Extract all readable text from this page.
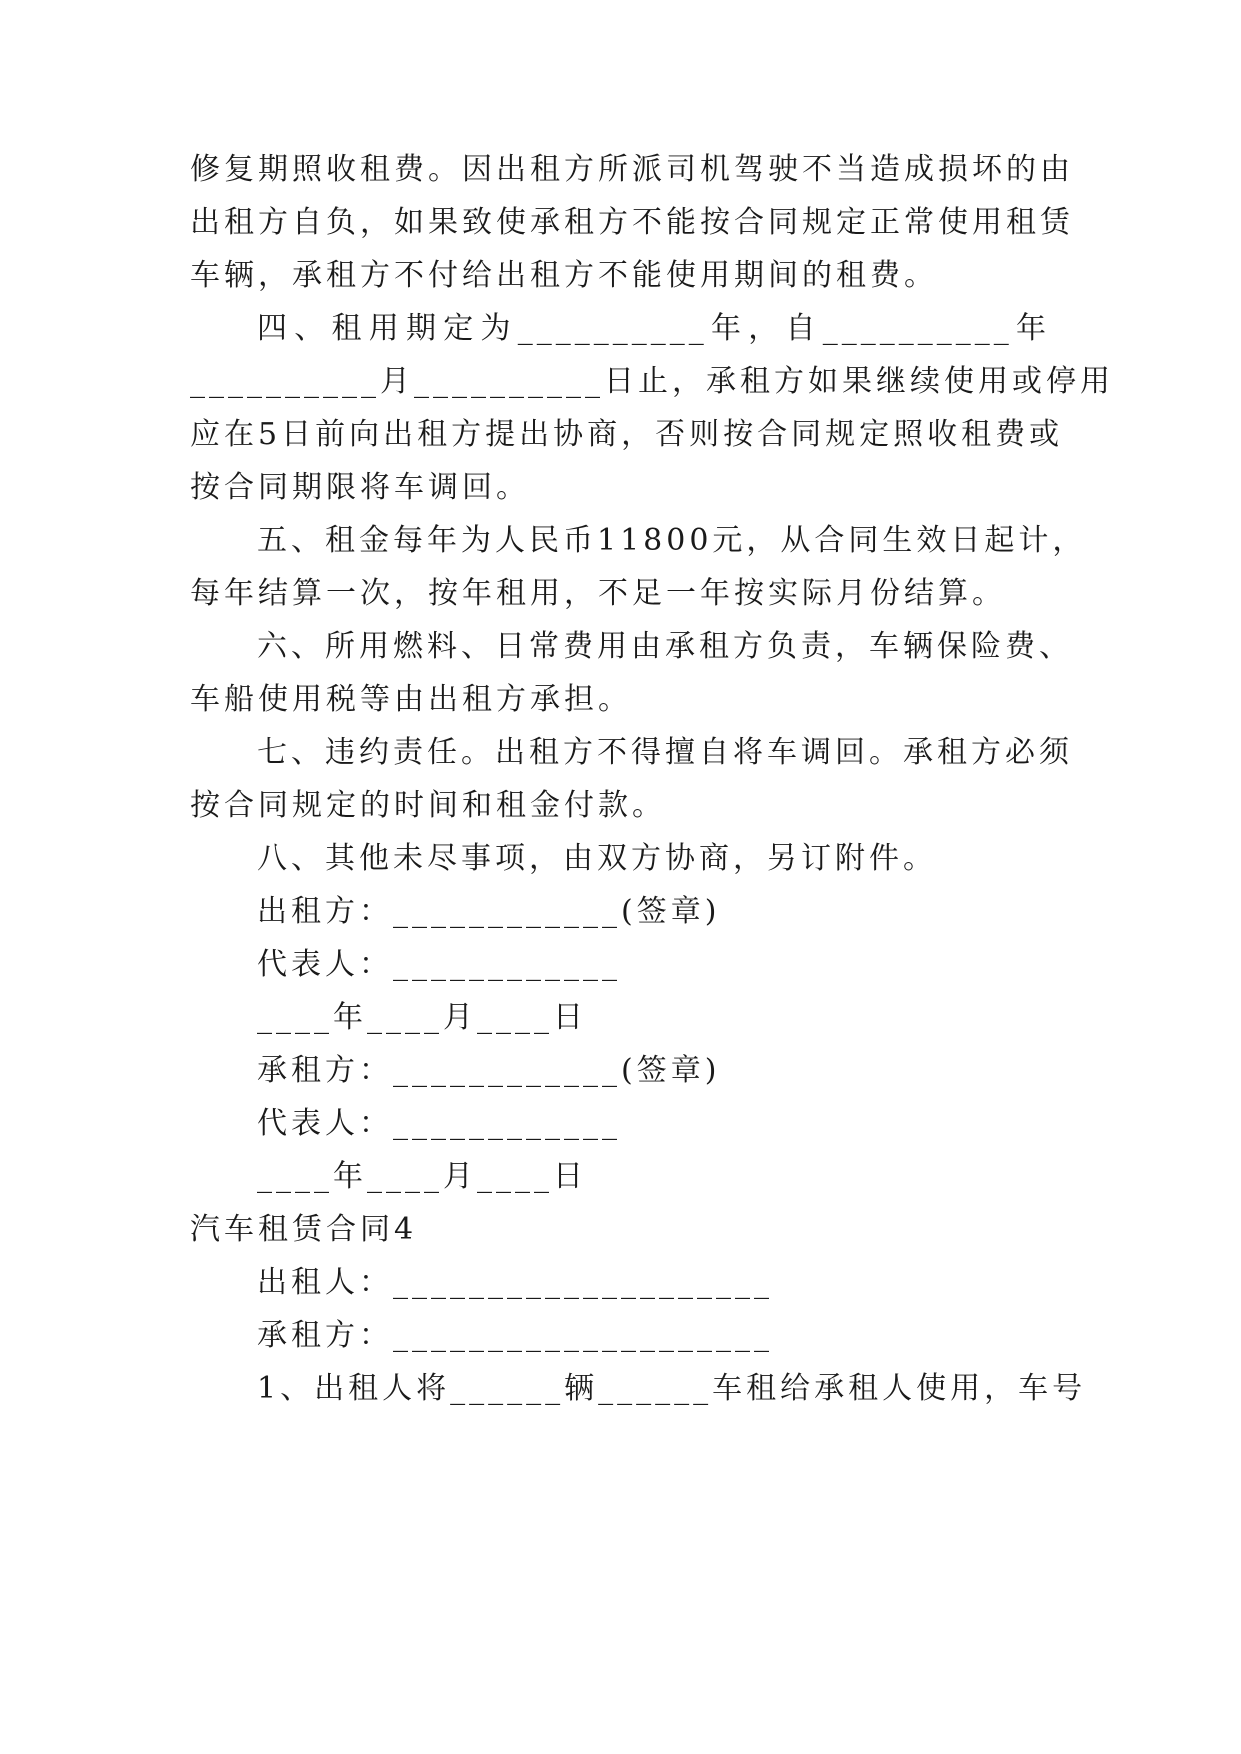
修复期照收租费。因出租方所派司机驾驶不当造成损坏的由
出租方自负，如果致使承租方不能按合同规定正常使用租赁
车辆，承租方不付给出租方不能使用期间的租费。
四、租用期定为__________年，自__________年
__________月__________日止，承租方如果继续使用或停用
应在5日前向出租方提出协商，否则按合同规定照收租费或
按合同期限将车调回。
五、租金每年为人民币11800元，从合同生效日起计，
每年结算一次，按年租用，不足一年按实际月份结算。
六、所用燃料、日常费用由承租方负责，车辆保险费、
车船使用税等由出租方承担。
七、违约责任。出租方不得擅自将车调回。承租方必须
按合同规定的时间和租金付款。
八、其他未尽事项，由双方协商，另订附件。
出租方：____________(签章)
代表人：____________
____年____月____日
承租方：____________(签章)
代表人：____________
____年____月____日
汽车租赁合同4
出租人：____________________
承租方：____________________
1、出租人将______辆______车租给承租人使用，车号
